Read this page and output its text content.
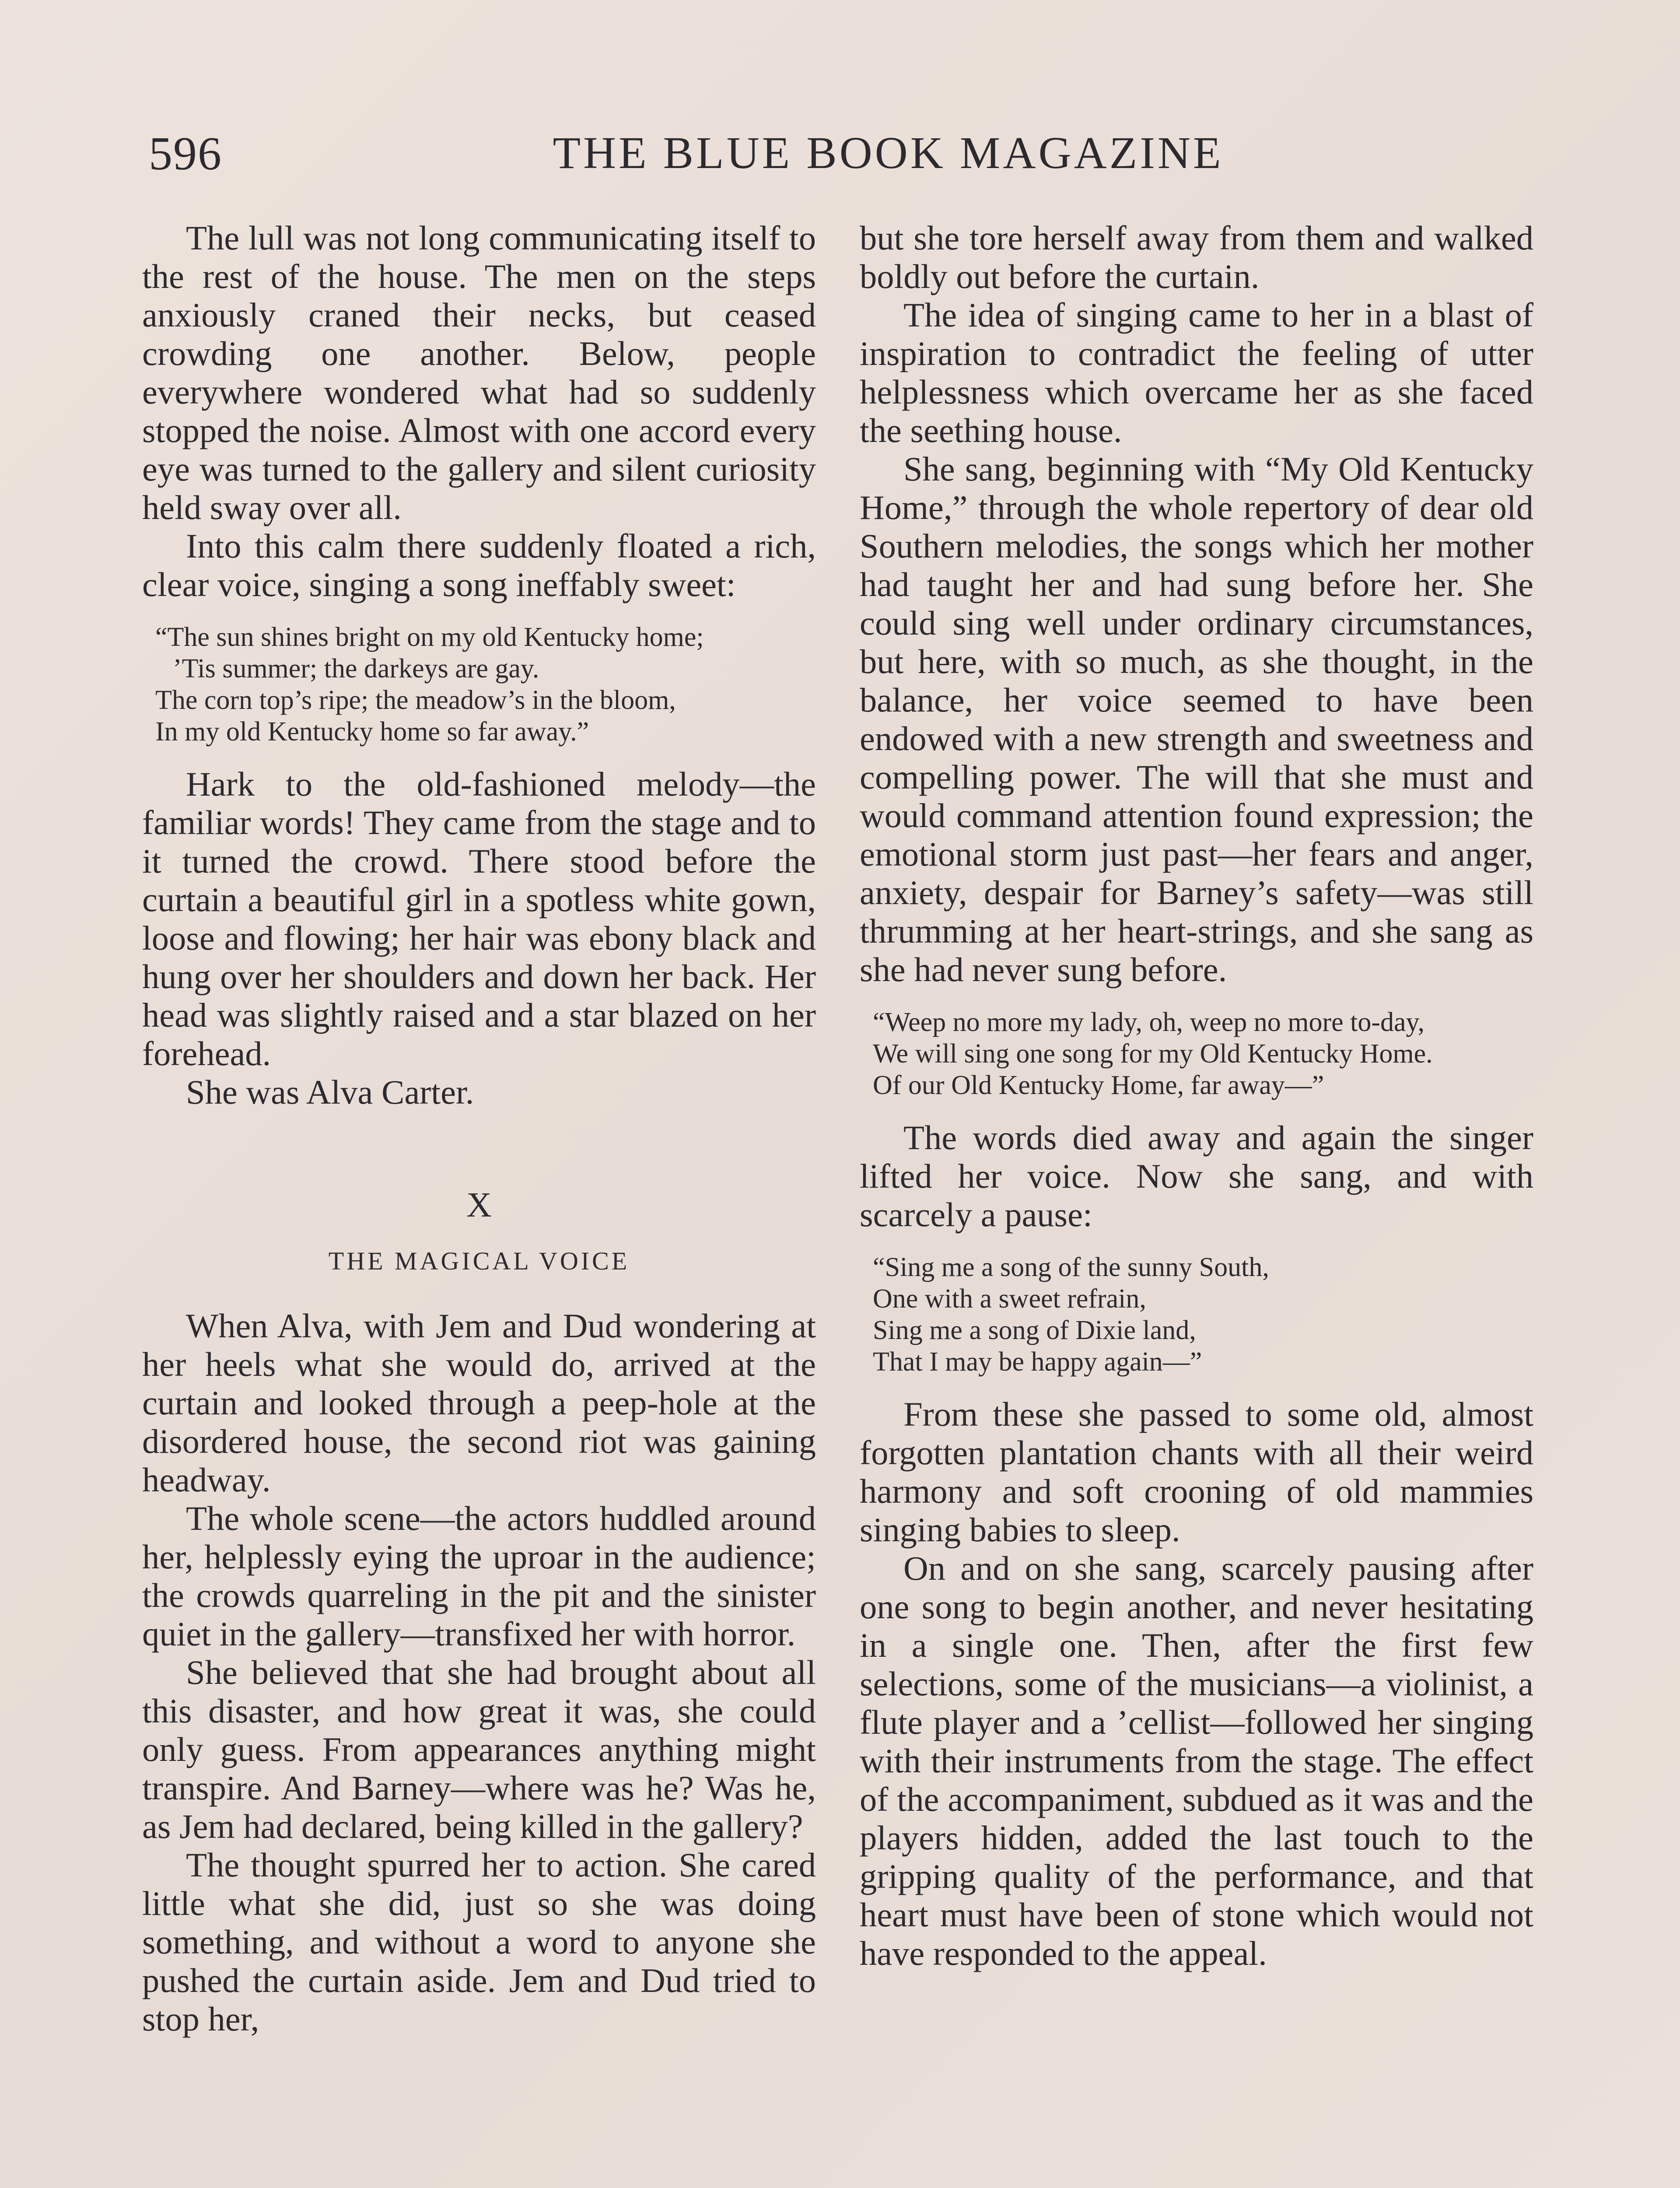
596	THE BLUE BOOK MAGAZINE

The lull was not long communicating itself to the rest of the house. The men on the steps anxiously craned their necks, but ceased crowding one another. Below, people everywhere wondered what had so suddenly stopped the noise. Almost with one accord every eye was turned to the gallery and silent curiosity held sway over all.

Into this calm there suddenly floated a rich, clear voice, singing a song ineffably sweet:

“The sun shines bright on my old Kentucky home;
’Tis summer; the darkeys are gay.
The corn top’s ripe; the meadow’s in the bloom,
In my old Kentucky home so far away.”

Hark to the old-fashioned melody—the familiar words! They came from the stage and to it turned the crowd. There stood before the curtain a beautiful girl in a spotless white gown, loose and flowing; her hair was ebony black and hung over her shoulders and down her back. Her head was slightly raised and a star blazed on her forehead.

She was Alva Carter.

X
THE MAGICAL VOICE

When Alva, with Jem and Dud wondering at her heels what she would do, arrived at the curtain and looked through a peep-hole at the disordered house, the second riot was gaining headway.

The whole scene—the actors huddled around her, helplessly eying the uproar in the audience; the crowds quarreling in the pit and the sinister quiet in the gallery—transfixed her with horror.

She believed that she had brought about all this disaster, and how great it was, she could only guess. From appearances anything might transpire. And Barney—where was he? Was he, as Jem had declared, being killed in the gallery?

The thought spurred her to action. She cared little what she did, just so she was doing something, and without a word to anyone she pushed the curtain aside. Jem and Dud tried to stop her,

but she tore herself away from them and walked boldly out before the curtain.

The idea of singing came to her in a blast of inspiration to contradict the feeling of utter helplessness which overcame her as she faced the seething house.

She sang, beginning with “My Old Kentucky Home,” through the whole repertory of dear old Southern melodies, the songs which her mother had taught her and had sung before her. She could sing well under ordinary circumstances, but here, with so much, as she thought, in the balance, her voice seemed to have been endowed with a new strength and sweetness and compelling power. The will that she must and would command attention found expression; the emotional storm just past—her fears and anger, anxiety, despair for Barney’s safety—was still thrumming at her heart-strings, and she sang as she had never sung before.

“Weep no more my lady, oh, weep no more to-day,
We will sing one song for my Old Kentucky Home.
Of our Old Kentucky Home, far away—”

The words died away and again the singer lifted her voice. Now she sang, and with scarcely a pause:

“Sing me a song of the sunny South,
One with a sweet refrain,
Sing me a song of Dixie land,
That I may be happy again—”

From these she passed to some old, almost forgotten plantation chants with all their weird harmony and soft crooning of old mammies singing babies to sleep.

On and on she sang, scarcely pausing after one song to begin another, and never hesitating in a single one. Then, after the first few selections, some of the musicians—a violinist, a flute player and a ’cellist—followed her singing with their instruments from the stage. The effect of the accompaniment, subdued as it was and the players hidden, added the last touch to the gripping quality of the performance, and that heart must have been of stone which would not have responded to the appeal.
